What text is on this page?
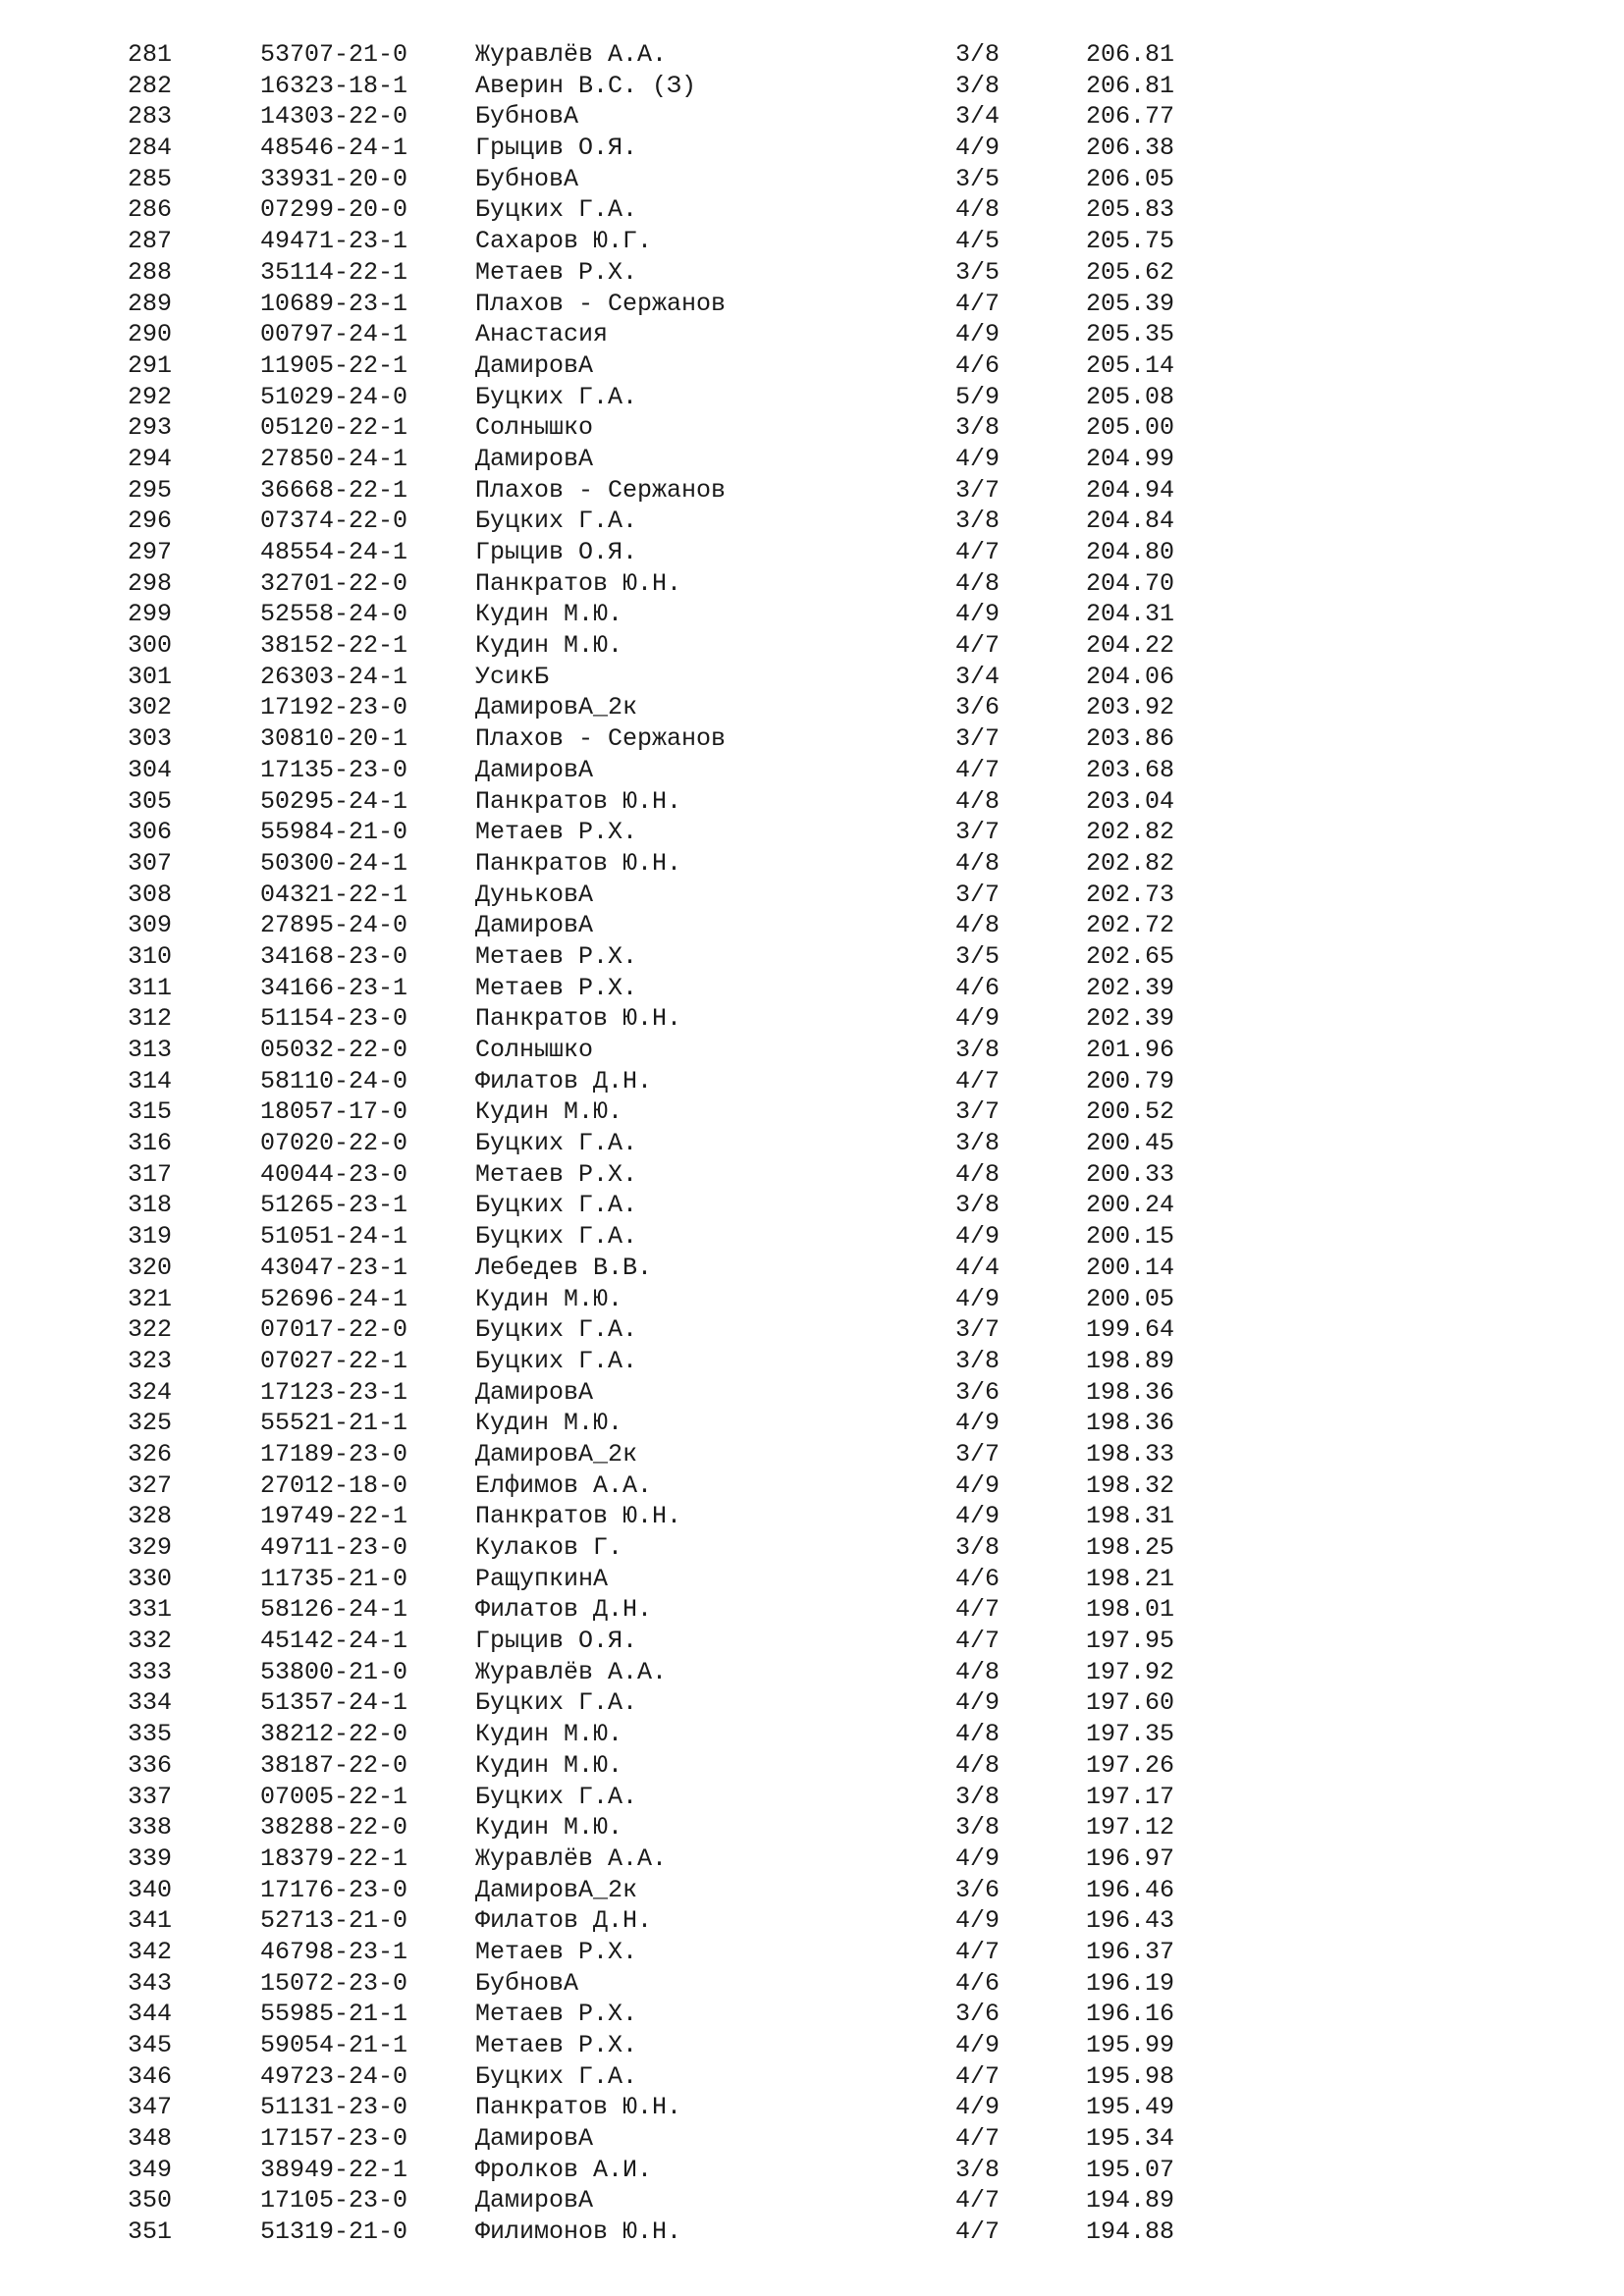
281	53707-21-0	Журавлёв А.А.	3/8	206.81
282	16323-18-1	Аверин В.С. (З)	3/8	206.81
283	14303-22-0	БубновА	3/4	206.77
284	48546-24-1	Грыцив О.Я.	4/9	206.38
285	33931-20-0	БубновА	3/5	206.05
286	07299-20-0	Буцких Г.А.	4/8	205.83
287	49471-23-1	Сахаров Ю.Г.	4/5	205.75
288	35114-22-1	Метаев Р.Х.	3/5	205.62
289	10689-23-1	Плахов - Сержанов	4/7	205.39
290	00797-24-1	Анастасия	4/9	205.35
291	11905-22-1	ДамировА	4/6	205.14
292	51029-24-0	Буцких Г.А.	5/9	205.08
293	05120-22-1	Солнышко	3/8	205.00
294	27850-24-1	ДамировА	4/9	204.99
295	36668-22-1	Плахов - Сержанов	3/7	204.94
296	07374-22-0	Буцких Г.А.	3/8	204.84
297	48554-24-1	Грыцив О.Я.	4/7	204.80
298	32701-22-0	Панкратов Ю.Н.	4/8	204.70
299	52558-24-0	Кудин М.Ю.	4/9	204.31
300	38152-22-1	Кудин М.Ю.	4/7	204.22
301	26303-24-1	УсикБ	3/4	204.06
302	17192-23-0	ДамировА_2к	3/6	203.92
303	30810-20-1	Плахов - Сержанов	3/7	203.86
304	17135-23-0	ДамировА	4/7	203.68
305	50295-24-1	Панкратов Ю.Н.	4/8	203.04
306	55984-21-0	Метаев Р.Х.	3/7	202.82
307	50300-24-1	Панкратов Ю.Н.	4/8	202.82
308	04321-22-1	ДуньковА	3/7	202.73
309	27895-24-0	ДамировА	4/8	202.72
310	34168-23-0	Метаев Р.Х.	3/5	202.65
311	34166-23-1	Метаев Р.Х.	4/6	202.39
312	51154-23-0	Панкратов Ю.Н.	4/9	202.39
313	05032-22-0	Солнышко	3/8	201.96
314	58110-24-0	Филатов Д.Н.	4/7	200.79
315	18057-17-0	Кудин М.Ю.	3/7	200.52
316	07020-22-0	Буцких Г.А.	3/8	200.45
317	40044-23-0	Метаев Р.Х.	4/8	200.33
318	51265-23-1	Буцких Г.А.	3/8	200.24
319	51051-24-1	Буцких Г.А.	4/9	200.15
320	43047-23-1	Лебедев В.В.	4/4	200.14
321	52696-24-1	Кудин М.Ю.	4/9	200.05
322	07017-22-0	Буцких Г.А.	3/7	199.64
323	07027-22-1	Буцких Г.А.	3/8	198.89
324	17123-23-1	ДамировА	3/6	198.36
325	55521-21-1	Кудин М.Ю.	4/9	198.36
326	17189-23-0	ДамировА_2к	3/7	198.33
327	27012-18-0	Елфимов А.А.	4/9	198.32
328	19749-22-1	Панкратов Ю.Н.	4/9	198.31
329	49711-23-0	Кулаков Г.	3/8	198.25
330	11735-21-0	РащупкинА	4/6	198.21
331	58126-24-1	Филатов Д.Н.	4/7	198.01
332	45142-24-1	Грыцив О.Я.	4/7	197.95
333	53800-21-0	Журавлёв А.А.	4/8	197.92
334	51357-24-1	Буцких Г.А.	4/9	197.60
335	38212-22-0	Кудин М.Ю.	4/8	197.35
336	38187-22-0	Кудин М.Ю.	4/8	197.26
337	07005-22-1	Буцких Г.А.	3/8	197.17
338	38288-22-0	Кудин М.Ю.	3/8	197.12
339	18379-22-1	Журавлёв А.А.	4/9	196.97
340	17176-23-0	ДамировА_2к	3/6	196.46
341	52713-21-0	Филатов Д.Н.	4/9	196.43
342	46798-23-1	Метаев Р.Х.	4/7	196.37
343	15072-23-0	БубновА	4/6	196.19
344	55985-21-1	Метаев Р.Х.	3/6	196.16
345	59054-21-1	Метаев Р.Х.	4/9	195.99
346	49723-24-0	Буцких Г.А.	4/7	195.98
347	51131-23-0	Панкратов Ю.Н.	4/9	195.49
348	17157-23-0	ДамировА	4/7	195.34
349	38949-22-1	Фролков А.И.	3/8	195.07
350	17105-23-0	ДамировА	4/7	194.89
351	51319-21-0	Филимонов Ю.Н.	4/7	194.88
